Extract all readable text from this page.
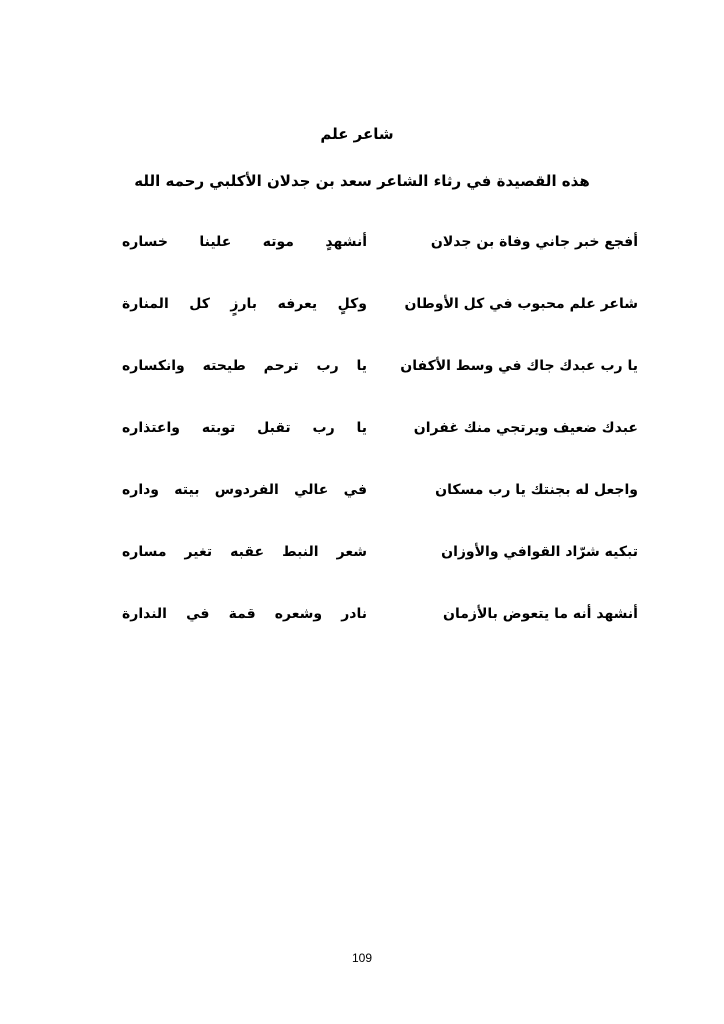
شاعر علم
هذه القصيدة في رثاء الشاعر سعد بن جدلان الأكلبي رحمه الله
أفجع خبر جاني وفاة بن جدلان
أنشهدٍ موته علينا خساره
شاعر علم محبوب في كل الأوطان
وكلٍ يعرفه بارزٍ كل المنارة
يا رب عبدك جاك في وسط الأكفان
يا رب ترحم طيحته وانكساره
عبدك ضعيف ويرتجي منك غفران
يا رب تقبل توبته واعتذاره
واجعل له بجنتك يا رب مسكان
في عالي الفردوس بيته وداره
تبكيه شرّاد القوافي والأوزان
شعر النبط عقبه تغير مساره
أنشهد أنه ما يتعوض بالأزمان
نادر وشعره قمة في الندارة
109
